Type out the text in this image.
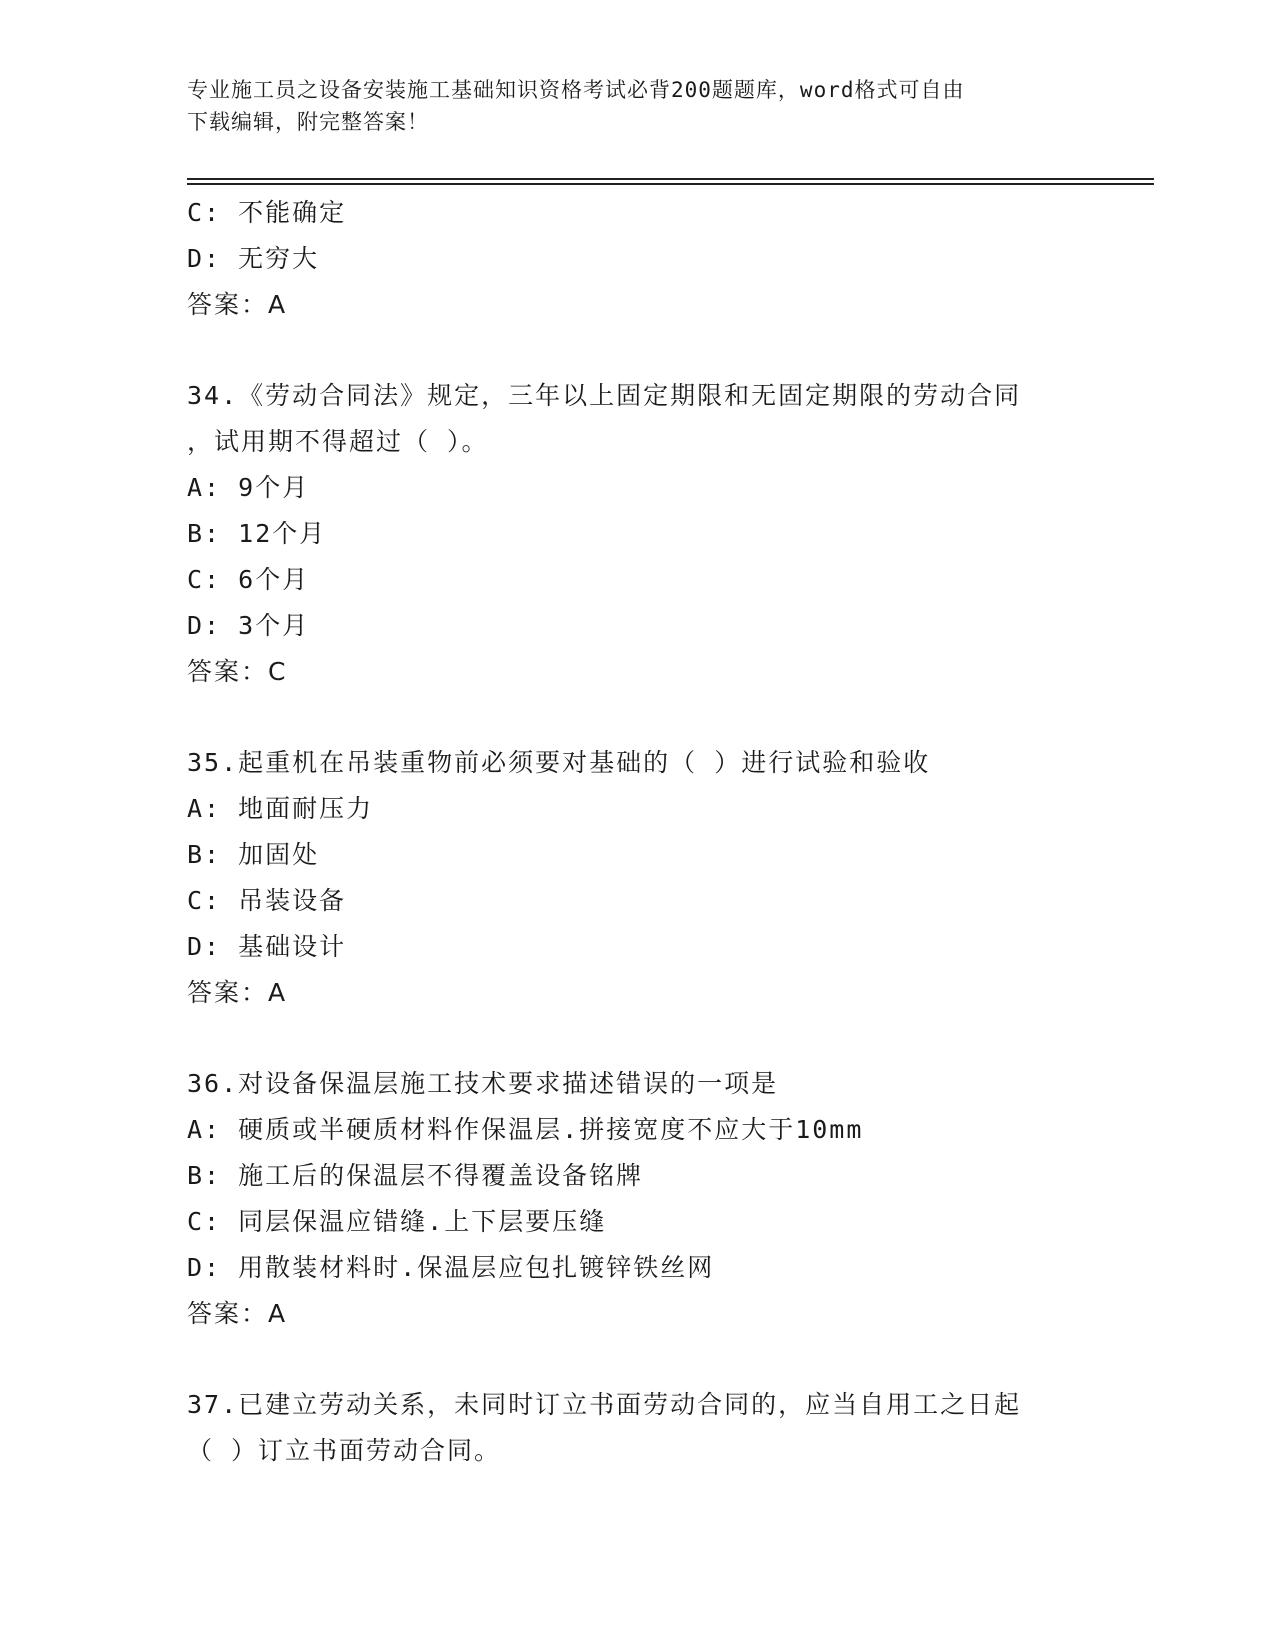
专业施工员之设备安装施工基础知识资格考试必背200题题库，word格式可自由
下载编辑，附完整答案！
C: 不能确定
D: 无穷大
答案：A
34.《劳动合同法》规定，三年以上固定期限和无固定期限的劳动合同
，试用期不得超过（ ）。
A: 9个月
B: 12个月
C: 6个月
D: 3个月
答案：C
35.起重机在吊装重物前必须要对基础的（ ）进行试验和验收
A: 地面耐压力
B: 加固处
C: 吊装设备
D: 基础设计
答案：A
36.对设备保温层施工技术要求描述错误的一项是
A: 硬质或半硬质材料作保温层.拼接宽度不应大于10mm
B: 施工后的保温层不得覆盖设备铭牌
C: 同层保温应错缝.上下层要压缝
D: 用散装材料时.保温层应包扎镀锌铁丝网
答案：A
37.已建立劳动关系，未同时订立书面劳动合同的，应当自用工之日起
（ ）订立书面劳动合同。
